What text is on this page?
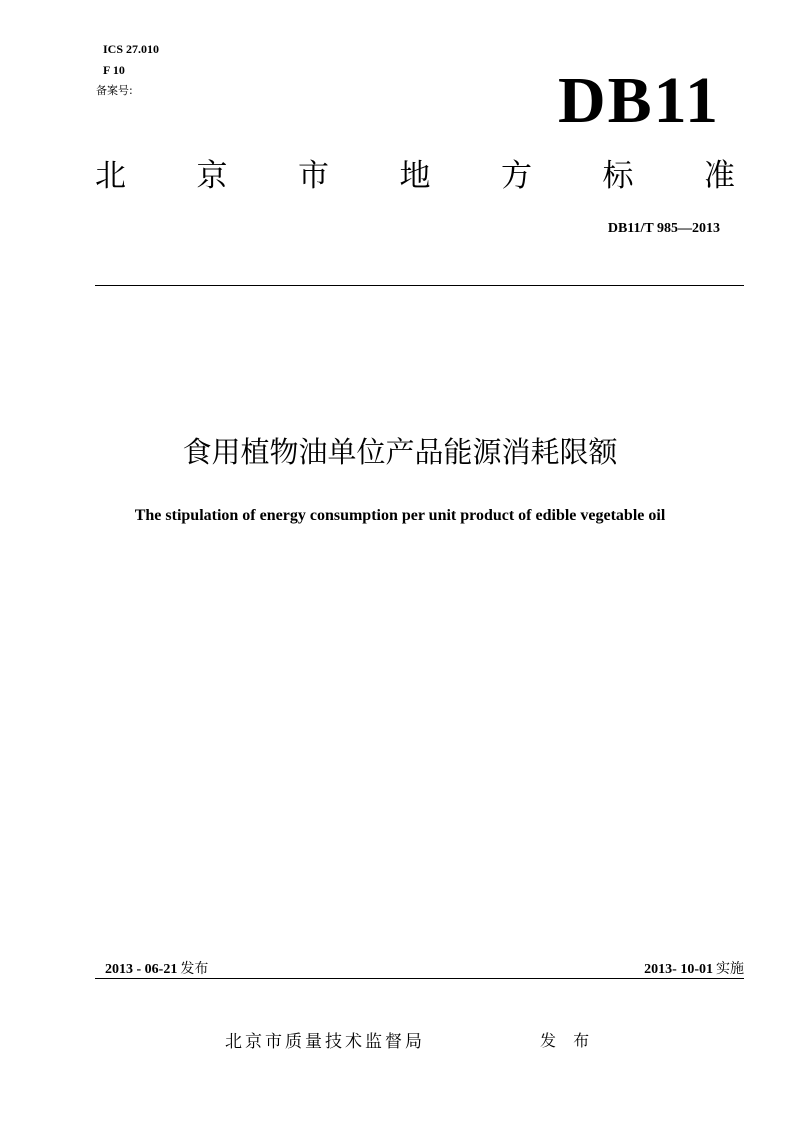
ICS 27.010
F 10
备案号:	DB11
北 京 市 地 方 标 准
DB11/T 985—2013
食用植物油单位产品能源消耗限额
The stipulation of energy consumption per unit product of edible vegetable oil
2013 - 06-21 发布	2013- 10-01 实施
北京市质量技术监督局	发 布
